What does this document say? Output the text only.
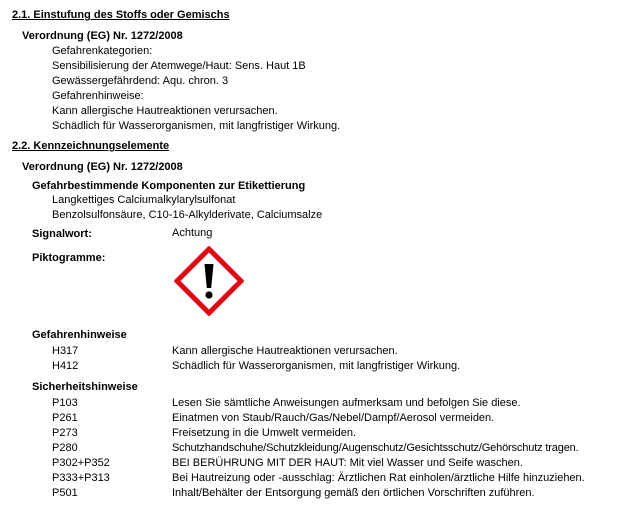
2.1. Einstufung des Stoffs oder Gemischs
Verordnung (EG) Nr. 1272/2008
Gefahrenkategorien:
Sensibilisierung der Atemwege/Haut: Sens. Haut 1B
Gewässergefährdend: Aqu. chron. 3
Gefahrenhinweise:
Kann allergische Hautreaktionen verursachen.
Schädlich für Wasserorganismen, mit langfristiger Wirkung.
2.2. Kennzeichnungselemente
Verordnung (EG) Nr. 1272/2008
Gefahrbestimmende Komponenten zur Etikettierung
Langkettiges Calciumalkylarylsulfonat
Benzolsulfonsäure, C10-16-Alkylderivate, Calciumsalze
Signalwort:	Achtung
Piktogramme:
Gefahrenhinweise
H317	Kann allergische Hautreaktionen verursachen.
H412	Schädlich für Wasserorganismen, mit langfristiger Wirkung.
Sicherheitshinweise
P103	Lesen Sie sämtliche Anweisungen aufmerksam und befolgen Sie diese.
P261	Einatmen von Staub/Rauch/Gas/Nebel/Dampf/Aerosol vermeiden.
P273	Freisetzung in die Umwelt vermeiden.
P280	Schutzhandschuhe/Schutzkleidung/Augenschutz/Gesichtsschutz/Gehörschutz tragen.
P302+P352	BEI BERÜHRUNG MIT DER HAUT: Mit viel Wasser und Seife waschen.
P333+P313	Bei Hautreizung oder -ausschlag: Ärztlichen Rat einholen/ärztliche Hilfe hinzuziehen.
P501	Inhalt/Behälter der Entsorgung gemäß den örtlichen Vorschriften zuführen.
